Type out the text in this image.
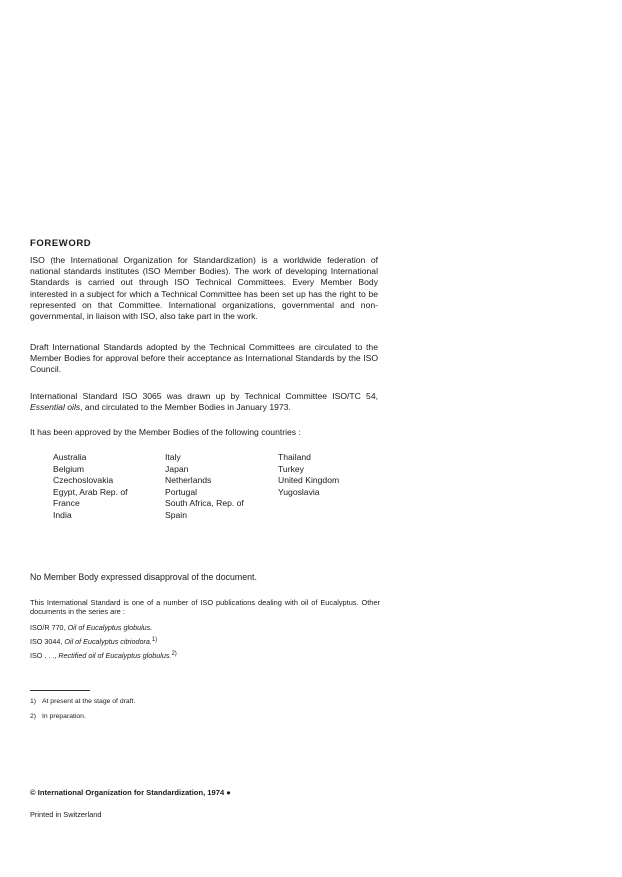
FOREWORD

ISO (the International Organization for Standardization) is a worldwide federation of national standards institutes (ISO Member Bodies). The work of developing International Standards is carried out through ISO Technical Committees. Every Member Body interested in a subject for which a Technical Committee has been set up has the right to be represented on that Committee. International organizations, governmental and non-governmental, in liaison with ISO, also take part in the work.

Draft International Standards adopted by the Technical Committees are circulated to the Member Bodies for approval before their acceptance as International Standards by the ISO Council.

International Standard ISO 3065 was drawn up by Technical Committee ISO/TC 54, Essential oils, and circulated to the Member Bodies in January 1973.

It has been approved by the Member Bodies of the following countries :

Australia
Belgium
Czechoslovakia
Egypt, Arab Rep. of
France
India
Italy
Japan
Netherlands
Portugal
South Africa, Rep. of
Spain
Thailand
Turkey
United Kingdom
Yugoslavia

No Member Body expressed disapproval of the document.

This International Standard is one of a number of ISO publications dealing with oil of Eucalyptus. Other documents in the series are :

ISO/R 770, Oil of Eucalyptus globulus.
ISO 3044, Oil of Eucalyptus citriodora.$^{1)}$
ISO . . ., Rectified oil of Eucalyptus globulus.$^{2)}$
1) At present at the stage of draft.
2) In preparation.
© International Organization for Standardization, 1974 ●
Printed in Switzerland
